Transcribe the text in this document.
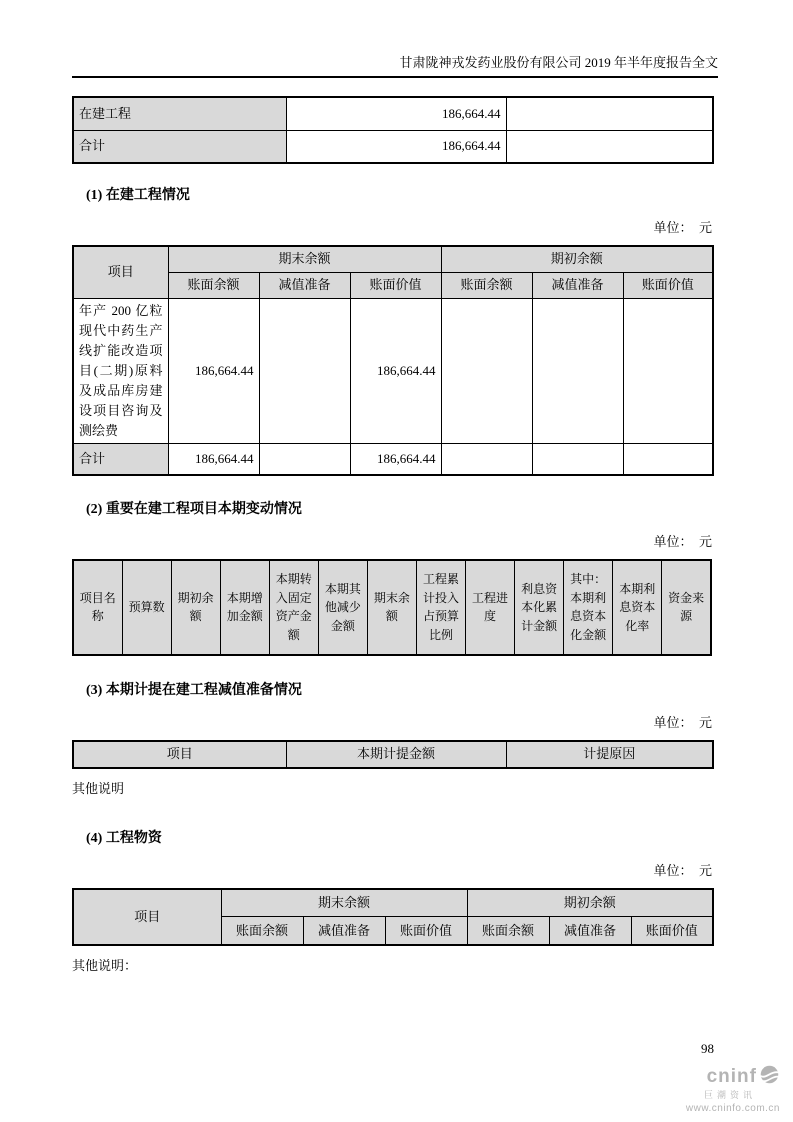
甘肃陇神戎发药业股份有限公司 2019 年半年度报告全文
在建工程	186,664.44	
合计	186,664.44	
(1) 在建工程情况
单位：　元
项目	期末余额			期初余额		
	账面余额	减值准备	账面价值	账面余额	减值准备	账面价值
年产 200 亿粒现代中药生产线扩能改造项目(二期)原料及成品库房建设项目咨询及测绘费	186,664.44		186,664.44			
合计	186,664.44		186,664.44			
(2) 重要在建工程项目本期变动情况
单位：　元
项目名称	预算数	期初余额	本期增加金额	本期转入固定资产金额	本期其他减少金额	期末余额	工程累计投入占预算比例	工程进度	利息资本化累计金额	其中：本期利息资本化金额	本期利息资本化率	资金来源
(3) 本期计提在建工程减值准备情况
单位：　元
项目	本期计提金额	计提原因
其他说明
(4) 工程物资
单位：　元
项目	期末余额			期初余额		
	账面余额	减值准备	账面价值	账面余额	减值准备	账面价值
其他说明：
98
cninf
巨潮资讯
www.cninfo.com.cn
